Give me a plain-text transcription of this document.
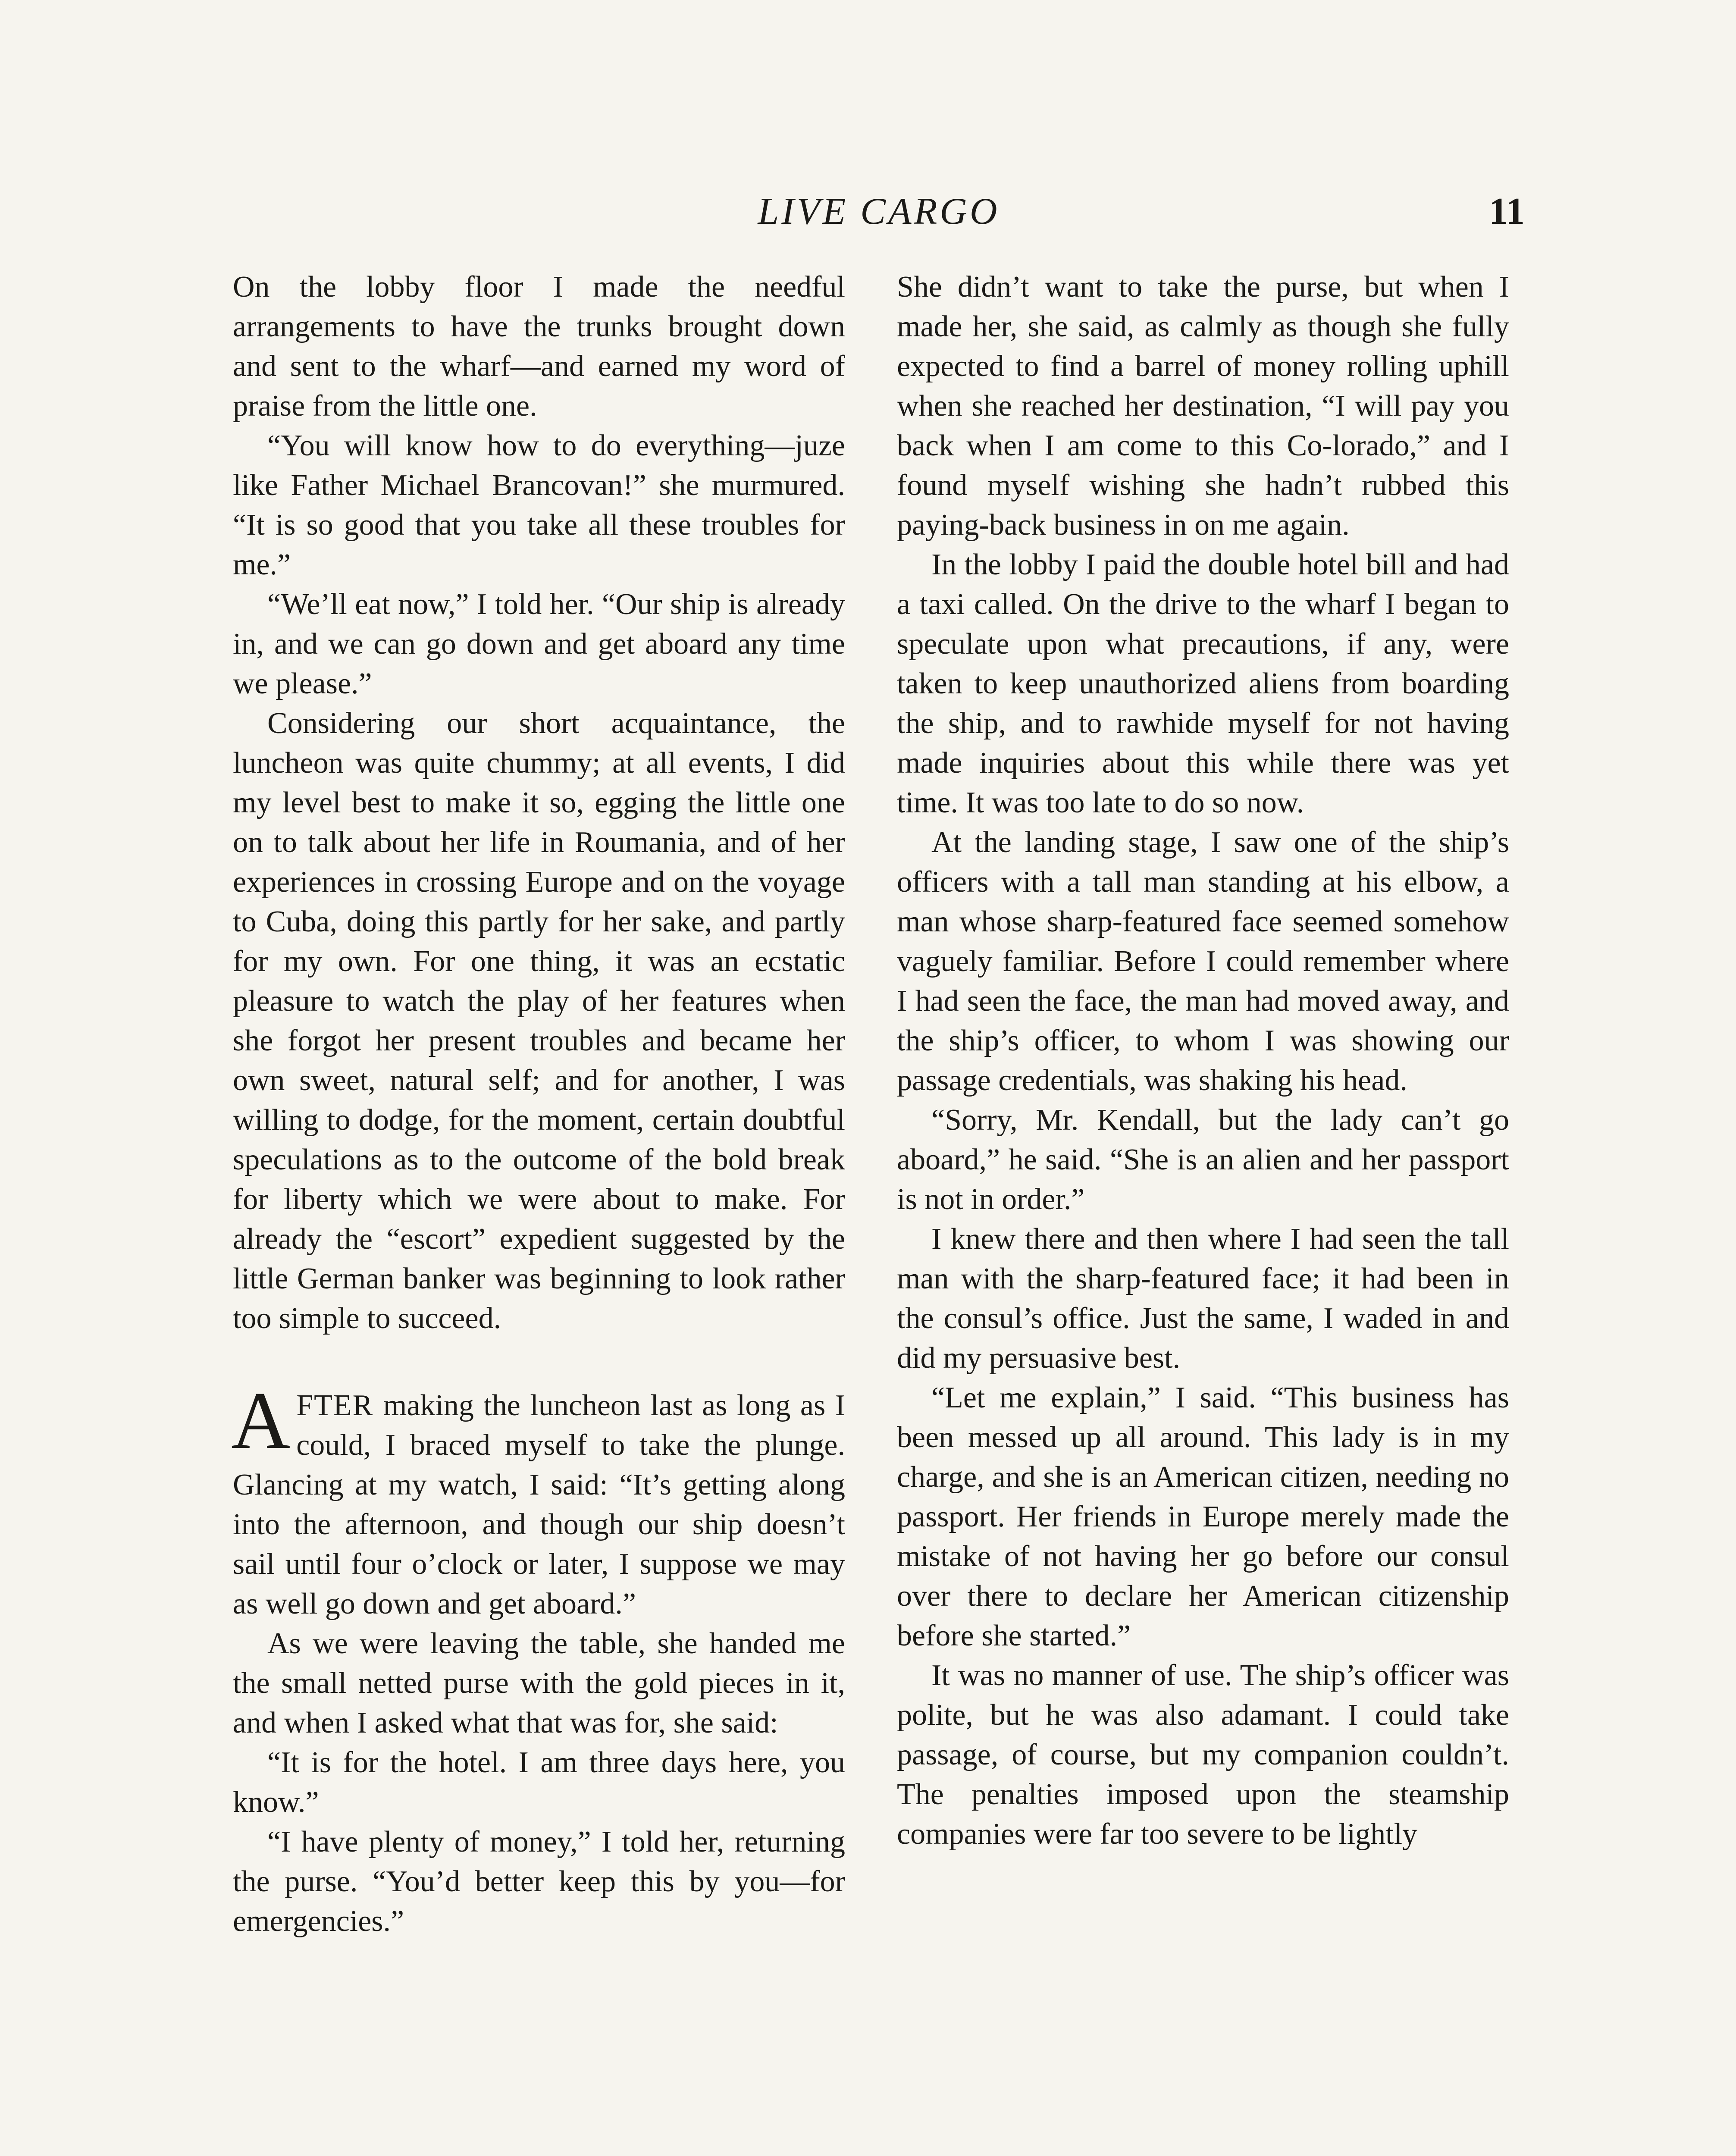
LIVE CARGO	11

On the lobby floor I made the needful arrangements to have the trunks brought down and sent to the wharf—and earned my word of praise from the little one.

“You will know how to do everything—juze like Father Michael Brancovan!” she murmured. “It is so good that you take all these troubles for me.”

“We’ll eat now,” I told her. “Our ship is already in, and we can go down and get aboard any time we please.”

Considering our short acquaintance, the luncheon was quite chummy; at all events, I did my level best to make it so, egging the little one on to talk about her life in Roumania, and of her experiences in crossing Europe and on the voyage to Cuba, doing this partly for her sake, and partly for my own. For one thing, it was an ecstatic pleasure to watch the play of her features when she forgot her present troubles and became her own sweet, natural self; and for another, I was willing to dodge, for the moment, certain doubtful speculations as to the outcome of the bold break for liberty which we were about to make. For already the “escort” expedient suggested by the little German banker was beginning to look rather too simple to succeed.

AFTER making the luncheon last as long as I could, I braced myself to take the plunge. Glancing at my watch, I said: “It’s getting along into the afternoon, and though our ship doesn’t sail until four o’clock or later, I suppose we may as well go down and get aboard.”

As we were leaving the table, she handed me the small netted purse with the gold pieces in it, and when I asked what that was for, she said:

“It is for the hotel. I am three days here, you know.”

“I have plenty of money,” I told her, returning the purse. “You’d better keep this by you—for emergencies.”

She didn’t want to take the purse, but when I made her, she said, as calmly as though she fully expected to find a barrel of money rolling uphill when she reached her destination, “I will pay you back when I am come to this Co-lorado,” and I found myself wishing she hadn’t rubbed this paying-back business in on me again.

In the lobby I paid the double hotel bill and had a taxi called. On the drive to the wharf I began to speculate upon what precautions, if any, were taken to keep unauthorized aliens from boarding the ship, and to rawhide myself for not having made inquiries about this while there was yet time. It was too late to do so now.

At the landing stage, I saw one of the ship’s officers with a tall man standing at his elbow, a man whose sharp-featured face seemed somehow vaguely familiar. Before I could remember where I had seen the face, the man had moved away, and the ship’s officer, to whom I was showing our passage credentials, was shaking his head.

“Sorry, Mr. Kendall, but the lady can’t go aboard,” he said. “She is an alien and her passport is not in order.”

I knew there and then where I had seen the tall man with the sharp-featured face; it had been in the consul’s office. Just the same, I waded in and did my persuasive best.

“Let me explain,” I said. “This business has been messed up all around. This lady is in my charge, and she is an American citizen, needing no passport. Her friends in Europe merely made the mistake of not having her go before our consul over there to declare her American citizenship before she started.”

It was no manner of use. The ship’s officer was polite, but he was also adamant. I could take passage, of course, but my companion couldn’t. The penalties imposed upon the steamship companies were far too severe to be lightly
